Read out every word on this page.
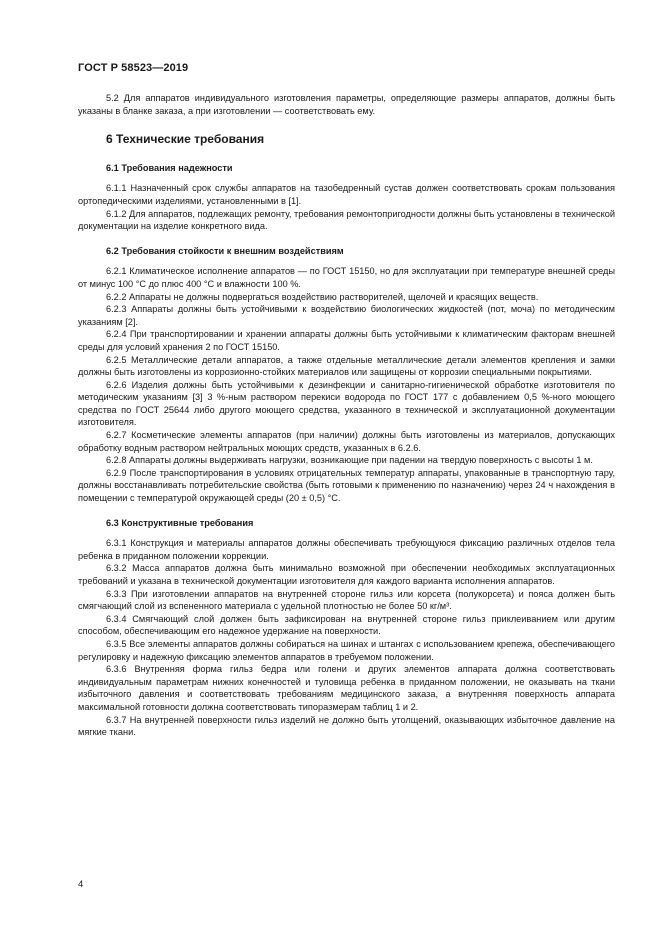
ГОСТ Р 58523—2019

5.2 Для аппаратов индивидуального изготовления параметры, определяющие размеры аппаратов, должны быть указаны в бланке заказа, а при изготовлении — соответствовать ему.

6 Технические требования
6.1 Требования надежности

6.1.1 Назначенный срок службы аппаратов на тазобедренный сустав должен соответствовать срокам пользования ортопедическими изделиями, установленными в [1].

6.1.2 Для аппаратов, подлежащих ремонту, требования ремонтопригодности должны быть установлены в технической документации на изделие конкретного вида.

6.2 Требования стойкости к внешним воздействиям

6.2.1 Климатическое исполнение аппаратов — по ГОСТ 15150, но для эксплуатации при температуре внешней среды от минус 100 °С до плюс 400 °С и влажности 100 %.

6.2.2 Аппараты не должны подвергаться воздействию растворителей, щелочей и красящих веществ.

6.2.3 Аппараты должны быть устойчивыми к воздействию биологических жидкостей (пот, моча) по методическим указаниям [2].

6.2.4 При транспортировании и хранении аппараты должны быть устойчивыми к климатическим факторам внешней среды для условий хранения 2 по ГОСТ 15150.

6.2.5 Металлические детали аппаратов, а также отдельные металлические детали элементов крепления и замки должны быть изготовлены из коррозионно-стойких материалов или защищены от коррозии специальными покрытиями.

6.2.6 Изделия должны быть устойчивыми к дезинфекции и санитарно-гигиенической обработке изготовителя по методическим указаниям [3] 3 %-ным раствором перекиси водорода по ГОСТ 177 с добавлением 0,5 %-ного моющего средства по ГОСТ 25644 либо другого моющего средства, указанного в технической и эксплуатационной документации изготовителя.

6.2.7 Косметические элементы аппаратов (при наличии) должны быть изготовлены из материалов, допускающих обработку водным раствором нейтральных моющих средств, указанных в 6.2.6.

6.2.8 Аппараты должны выдерживать нагрузки, возникающие при падении на твердую поверхность с высоты 1 м.

6.2.9 После транспортирования в условиях отрицательных температур аппараты, упакованные в транспортную тару, должны восстанавливать потребительские свойства (быть готовыми к применению по назначению) через 24 ч нахождения в помещении с температурой окружающей среды (20 ± 0,5) °С.

6.3 Конструктивные требования

6.3.1 Конструкция и материалы аппаратов должны обеспечивать требующуюся фиксацию различных отделов тела ребенка в приданном положении коррекции.

6.3.2 Масса аппаратов должна быть минимально возможной при обеспечении необходимых эксплуатационных требований и указана в технической документации изготовителя для каждого варианта исполнения аппаратов.

6.3.3 При изготовлении аппаратов на внутренней стороне гильз или корсета (полукорсета) и пояса должен быть смягчающий слой из вспененного материала с удельной плотностью не более 50 кг/м³.

6.3.4 Смягчающий слой должен быть зафиксирован на внутренней стороне гильз приклеиванием или другим способом, обеспечивающим его надежное удержание на поверхности.

6.3.5 Все элементы аппаратов должны собираться на шинах и штангах с использованием крепежа, обеспечивающего регулировку и надежную фиксацию элементов аппаратов в требуемом положении.

6.3.6 Внутренняя форма гильз бедра или голени и других элементов аппарата должна соответствовать индивидуальным параметрам нижних конечностей и туловища ребенка в приданном положении, не оказывать на ткани избыточного давления и соответствовать требованиям медицинского заказа, а внутренняя поверхность аппарата максимальной готовности должна соответствовать типоразмерам таблиц 1 и 2.

6.3.7 На внутренней поверхности гильз изделий не должно быть утолщений, оказывающих избыточное давление на мягкие ткани.

4
